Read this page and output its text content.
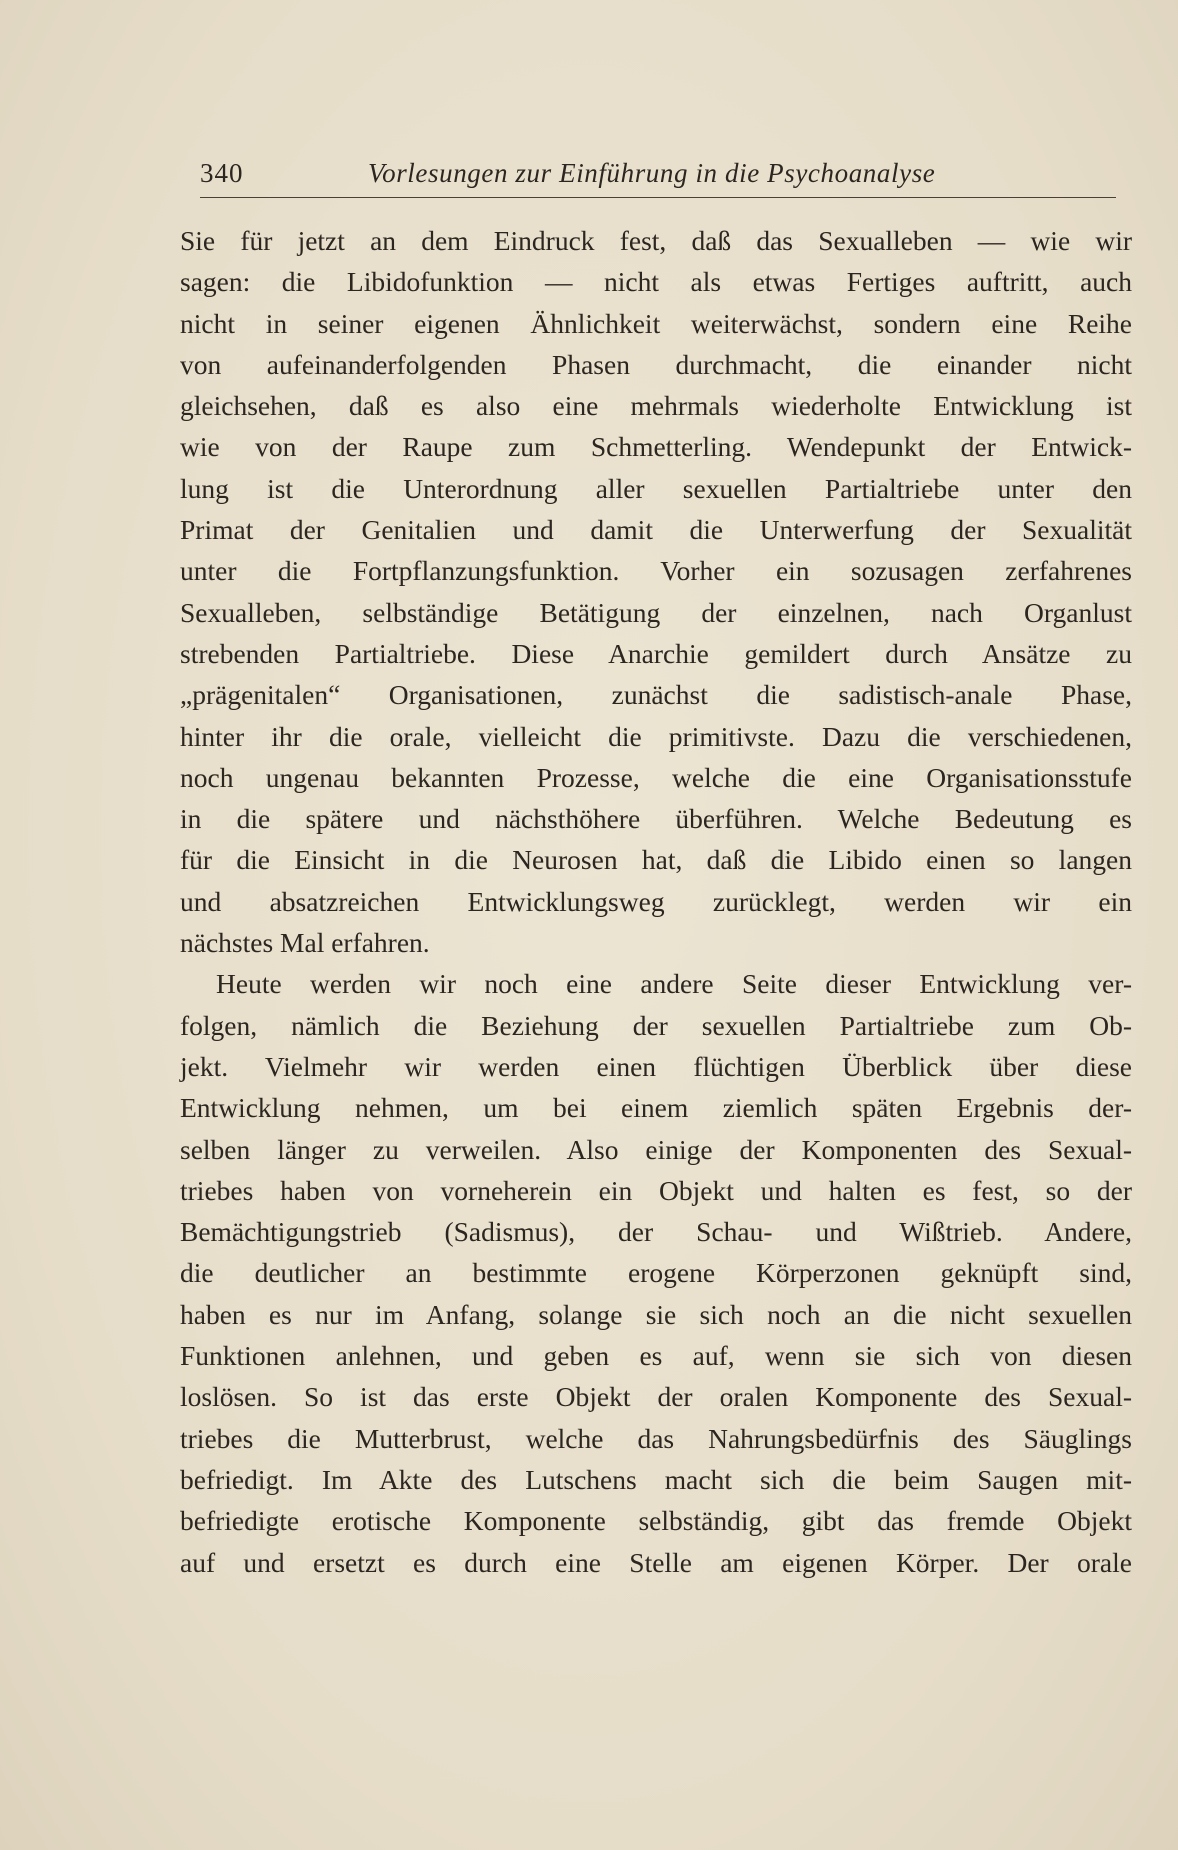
340	Vorlesungen zur Einführung in die Psychoanalyse
Sie für jetzt an dem Eindruck fest, daß das Sexualleben — wie wir
sagen: die Libidofunktion — nicht als etwas Fertiges auftritt, auch
nicht in seiner eigenen Ähnlichkeit weiterwächst, sondern eine Reihe
von aufeinanderfolgenden Phasen durchmacht, die einander nicht
gleichsehen, daß es also eine mehrmals wiederholte Entwicklung ist
wie von der Raupe zum Schmetterling. Wendepunkt der Entwick-
lung ist die Unterordnung aller sexuellen Partialtriebe unter den
Primat der Genitalien und damit die Unterwerfung der Sexualität
unter die Fortpflanzungsfunktion. Vorher ein sozusagen zerfahrenes
Sexualleben, selbständige Betätigung der einzelnen, nach Organlust
strebenden Partialtriebe. Diese Anarchie gemildert durch Ansätze zu
„prägenitalen“ Organisationen, zunächst die sadistisch-anale Phase,
hinter ihr die orale, vielleicht die primitivste. Dazu die verschiedenen,
noch ungenau bekannten Prozesse, welche die eine Organisationsstufe
in die spätere und nächsthöhere überführen. Welche Bedeutung es
für die Einsicht in die Neurosen hat, daß die Libido einen so langen
und absatzreichen Entwicklungsweg zurücklegt, werden wir ein
nächstes Mal erfahren.
Heute werden wir noch eine andere Seite dieser Entwicklung ver-
folgen, nämlich die Beziehung der sexuellen Partialtriebe zum Ob-
jekt. Vielmehr wir werden einen flüchtigen Überblick über diese
Entwicklung nehmen, um bei einem ziemlich späten Ergebnis der-
selben länger zu verweilen. Also einige der Komponenten des Sexual-
triebes haben von vorneherein ein Objekt und halten es fest, so der
Bemächtigungstrieb (Sadismus), der Schau- und Wißtrieb. Andere,
die deutlicher an bestimmte erogene Körperzonen geknüpft sind,
haben es nur im Anfang, solange sie sich noch an die nicht sexuellen
Funktionen anlehnen, und geben es auf, wenn sie sich von diesen
loslösen. So ist das erste Objekt der oralen Komponente des Sexual-
triebes die Mutterbrust, welche das Nahrungsbedürfnis des Säuglings
befriedigt. Im Akte des Lutschens macht sich die beim Saugen mit-
befriedigte erotische Komponente selbständig, gibt das fremde Objekt
auf und ersetzt es durch eine Stelle am eigenen Körper. Der orale
